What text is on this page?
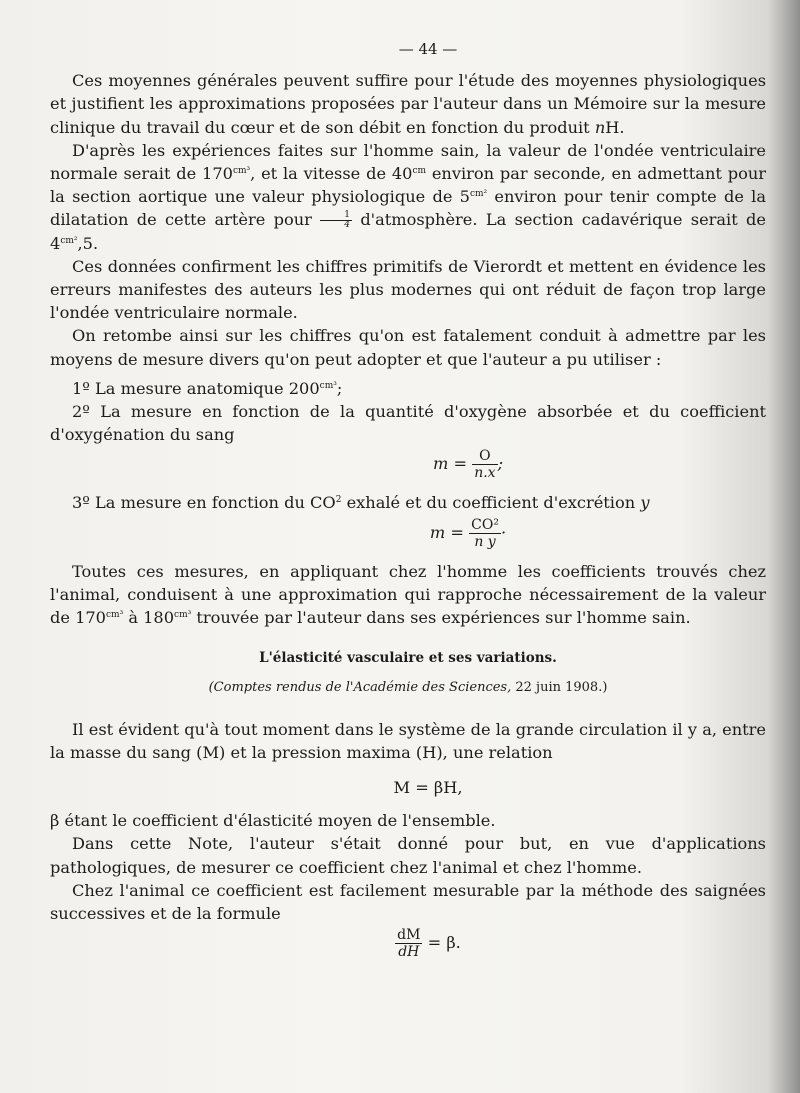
— 44 —

Ces moyennes générales peuvent suffire pour l'étude des moyennes physiologiques et justifient les approximations proposées par l'auteur dans un Mémoire sur la mesure clinique du travail du cœur et de son débit en fonction du produit nH.

D'après les expériences faites sur l'homme sain, la valeur de l'ondée ventriculaire normale serait de $170^{cm^3}$, et la vitesse de $40^{cm}$ environ par seconde, en admettant pour la section aortique une valeur physiologique de $5^{cm^2}$ environ pour tenir compte de la dilatation de cette artère pour $\frac{1}{4}$ d'atmosphère. La section cadavérique serait de $4^{cm^2},5$.

Ces données confirment les chiffres primitifs de Vierordt et mettent en évidence les erreurs manifestes des auteurs les plus modernes qui ont réduit de façon trop large l'ondée ventriculaire normale.

On retombe ainsi sur les chiffres qu'on est fatalement conduit à admettre par les moyens de mesure divers qu'on peut adopter et que l'auteur a pu utiliser :

1º La mesure anatomique $200^{cm^3}$;

2º La mesure en fonction de la quantité d'oxygène absorbée et du coefficient d'oxygénation du sang

$m = \frac{O}{n.x}$ ;

3º La mesure en fonction du $CO^2$ exhalé et du coefficient d'excrétion y

$m = \frac{\text{CO²}}{\text{n y}}$ ·

Toutes ces mesures, en appliquant chez l'homme les coefficients trouvés chez l'animal, conduisent à une approximation qui rapproche nécessairement de la valeur de $170^{cm^3}$ à $180^{cm^3}$ trouvée par l'auteur dans ses expériences sur l'homme sain.

L'élasticité vasculaire et ses variations.
(Comptes rendus de l'Académie des Sciences, 22 juin 1908.)

Il est évident qu'à tout moment dans le système de la grande circulation il y a, entre la masse du sang (M) et la pression maxima (H), une relation

M = βH,

β étant le coefficient d'élasticité moyen de l'ensemble.

Dans cette Note, l'auteur s'était donné pour but, en vue d'applications pathologiques, de mesurer ce coefficient chez l'animal et chez l'homme.

Chez l'animal ce coefficient est facilement mesurable par la méthode des saignées successives et de la formule

$\frac{dM}{dH} = \beta$.
